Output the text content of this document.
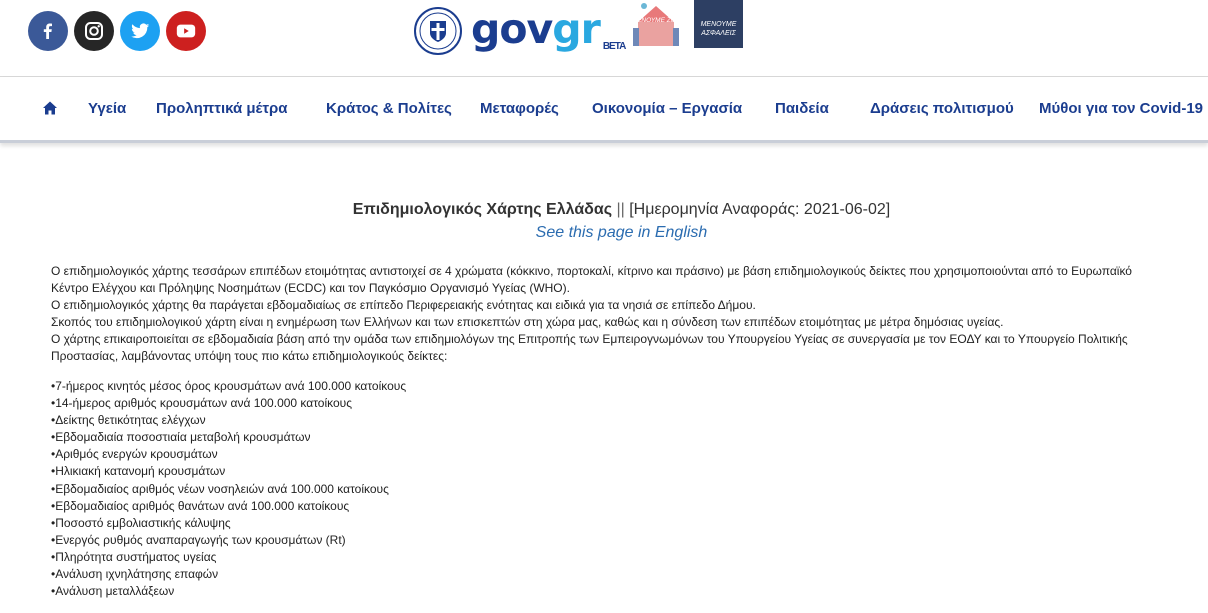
govgr BETA
ΜΕΝΟΥΜΕ ΖΩΗ
ΜΕΝΟΥΜΕ ΑΣΦΑΛΕΙΣ
Υγεία Προληπτικά μέτρα	Κράτος & Πολίτες Μεταφορές Οικονομία – Εργασία Παιδεία	Δράσεις πολιτισμού Μύθοι για τον Covid-19
Επιδημιολογικός Χάρτης Ελλάδας || [Ημερομηνία Αναφοράς: 2021-06-02]
See this page in English

Ο επιδημιολογικός χάρτης τεσσάρων επιπέδων ετοιμότητας αντιστοιχεί σε 4 χρώματα (κόκκινο, πορτοκαλί, κίτρινο και πράσινο) με βάση επιδημιολογικούς δείκτες που χρησιμοποιούνται από το Ευρωπαϊκό Κέντρο Ελέγχου και Πρόληψης Νοσημάτων (ECDC) και τον Παγκόσμιο Οργανισμό Υγείας (WHO).

Ο επιδημιολογικός χάρτης θα παράγεται εβδομαδιαίως σε επίπεδο Περιφερειακής ενότητας και ειδικά για τα νησιά σε επίπεδο Δήμου.

Σκοπός του επιδημιολογικού χάρτη είναι η ενημέρωση των Ελλήνων και των επισκεπτών στη χώρα μας, καθώς και η σύνδεση των επιπέδων ετοιμότητας με μέτρα δημόσιας υγείας.

Ο χάρτης επικαιροποιείται σε εβδομαδιαία βάση από την ομάδα των επιδημιολόγων της Επιτροπής των Εμπειρογνωμόνων του Υπουργείου Υγείας σε συνεργασία με τον ΕΟΔΥ και το Υπουργείο Πολιτικής Προστασίας, λαμβάνοντας υπόψη τους πιο κάτω επιδημιολογικούς δείκτες:

• 7-ήμερος κινητός μέσος όρος κρουσμάτων ανά 100.000 κατοίκους
• 14-ήμερος αριθμός κρουσμάτων ανά 100.000 κατοίκους
• Δείκτης θετικότητας ελέγχων
• Εβδομαδιαία ποσοστιαία μεταβολή κρουσμάτων
• Αριθμός ενεργών κρουσμάτων
• Ηλικιακή κατανομή κρουσμάτων
• Εβδομαδιαίος αριθμός νέων νοσηλειών ανά 100.000 κατοίκους
• Εβδομαδιαίος αριθμός θανάτων ανά 100.000 κατοίκους
• Ποσοστό εμβολιαστικής κάλυψης
• Ενεργός ρυθμός αναπαραγωγής των κρουσμάτων (Rt)
• Πληρότητα συστήματος υγείας
• Ανάλυση ιχνηλάτησης επαφών
• Ανάλυση μεταλλάξεων
